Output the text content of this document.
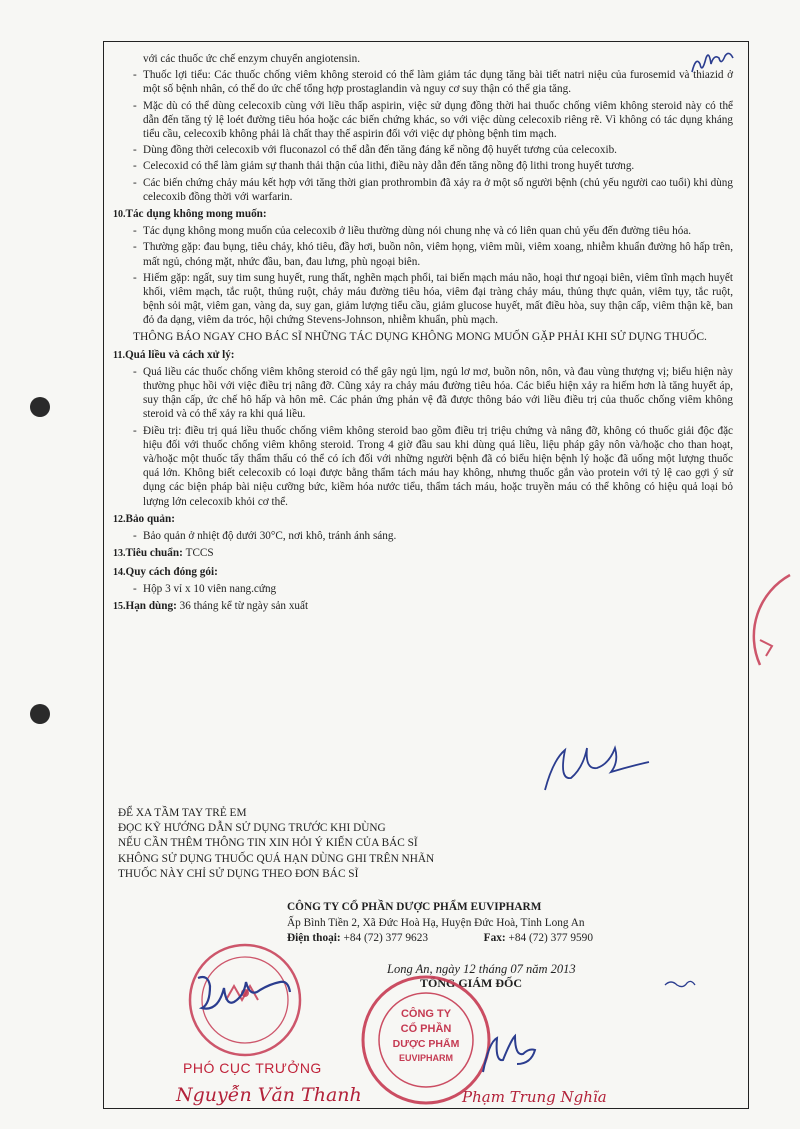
với các thuốc ức chế enzym chuyển angiotensin.

- Thuốc lợi tiểu: Các thuốc chống viêm không steroid có thể làm giảm tác dụng tăng bài tiết natri niệu của furosemid và thiazid ở một số bệnh nhân, có thể do ức chế tổng hợp prostaglandin và nguy cơ suy thận có thể gia tăng.

- Mặc dù có thể dùng celecoxib cùng với liều thấp aspirin, việc sử dụng đồng thời hai thuốc chống viêm không steroid này có thể dẫn đến tăng tỷ lệ loét đường tiêu hóa hoặc các biến chứng khác, so với việc dùng celecoxib riêng rẽ. Vì không có tác dụng kháng tiểu cầu, celecoxib không phải là chất thay thế aspirin đối với việc dự phòng bệnh tim mạch.

- Dùng đồng thời celecoxib với fluconazol có thể dẫn đến tăng đáng kể nồng độ huyết tương của celecoxib.

- Celecoxid có thể làm giảm sự thanh thải thận của lithi, điều này dẫn đến tăng nồng độ lithi trong huyết tương.

- Các biến chứng chảy máu kết hợp với tăng thời gian prothrombin đã xảy ra ở một số người bệnh (chủ yếu người cao tuổi) khi dùng celecoxib đồng thời với warfarin.

10.Tác dụng không mong muốn:

- Tác dụng không mong muốn của celecoxib ở liều thường dùng nói chung nhẹ và có liên quan chủ yếu đến đường tiêu hóa.

- Thường gặp: đau bụng, tiêu chảy, khó tiêu, đầy hơi, buồn nôn, viêm họng, viêm mũi, viêm xoang, nhiễm khuẩn đường hô hấp trên, mất ngủ, chóng mặt, nhức đầu, ban, đau lưng, phù ngoại biên.

- Hiếm gặp: ngất, suy tim sung huyết, rung thất, nghẽn mạch phổi, tai biến mạch máu não, hoại thư ngoại biên, viêm tĩnh mạch huyết khối, viêm mạch, tắc ruột, thủng ruột, chảy máu đường tiêu hóa, viêm đại tràng chảy máu, thủng thực quản, viêm tụy, tắc ruột, bệnh sỏi mật, viêm gan, vàng da, suy gan, giảm lượng tiểu cầu, giảm glucose huyết, mất điều hòa, suy thận cấp, viêm thận kẽ, ban đỏ đa dạng, viêm da tróc, hội chứng Stevens-Johnson, nhiễm khuẩn, phù mạch.

THÔNG BÁO NGAY CHO BÁC SĨ NHỮNG TÁC DỤNG KHÔNG MONG MUỐN GẶP PHẢI KHI SỬ DỤNG THUỐC.

11.Quá liều và cách xử lý:

- Quá liều các thuốc chống viêm không steroid có thể gây ngủ lịm, ngủ lơ mơ, buồn nôn, nôn, và đau vùng thượng vị; biểu hiện này thường phục hồi với việc điều trị nâng đỡ. Cũng xảy ra chảy máu đường tiêu hóa. Các biểu hiện xảy ra hiếm hơn là tăng huyết áp, suy thận cấp, ức chế hô hấp và hôn mê. Các phản ứng phản vệ đã được thông báo với liều điều trị của thuốc chống viêm không steroid và có thể xảy ra khi quá liều.

- Điều trị: điều trị quá liều thuốc chống viêm không steroid bao gồm điều trị triệu chứng và nâng đỡ, không có thuốc giải độc đặc hiệu đối với thuốc chống viêm không steroid. Trong 4 giờ đầu sau khi dùng quá liều, liệu pháp gây nôn và/hoặc cho than hoạt, và/hoặc một thuốc tẩy thẩm thấu có thể có ích đối với những người bệnh đã có biểu hiện bệnh lý hoặc đã uống một lượng thuốc quá lớn. Không biết celecoxib có loại được bằng thẩm tách máu hay không, nhưng thuốc gắn vào protein với tỷ lệ cao gợi ý sử dụng các biện pháp bài niệu cưỡng bức, kiềm hóa nước tiểu, thẩm tách máu, hoặc truyền máu có thể không có hiệu quả loại bỏ lượng lớn celecoxib khỏi cơ thể.

12.Bảo quản:

- Bảo quản ở nhiệt độ dưới 30°C, nơi khô, tránh ánh sáng.

13.Tiêu chuẩn: TCCS
14.Quy cách đóng gói:

- Hộp 3 vỉ x 10 viên nang.cứng

15.Hạn dùng: 36 tháng kể từ ngày sản xuất
ĐỂ XA TẦM TAY TRẺ EM
ĐỌC KỸ HƯỚNG DẪN SỬ DỤNG TRƯỚC KHI DÙNG
NẾU CẦN THÊM THÔNG TIN XIN HỎI Ý KIẾN CỦA BÁC SĨ
KHÔNG SỬ DỤNG THUỐC QUÁ HẠN DÙNG GHI TRÊN NHÃN
THUỐC NÀY CHỈ SỬ DỤNG THEO ĐƠN BÁC SĨ
CÔNG TY CỔ PHẦN DƯỢC PHẨM EUVIPHARM
Ấp Bình Tiền 2, Xã Đức Hoà Hạ, Huyện Đức Hoà, Tỉnh Long An
Điện thoại: +84 (72) 377 9623	Fax: +84 (72) 377 9590
Long An, ngày 12 tháng 07 năm 2013
TỔNG GIÁM ĐỐC
CÔNG TY
CỔ PHẦN
DƯỢC PHẨM
EUVIPHARM
PHÓ CỤC TRƯỞNG
Nguyễn Văn Thanh	Phạm Trung Nghĩa
